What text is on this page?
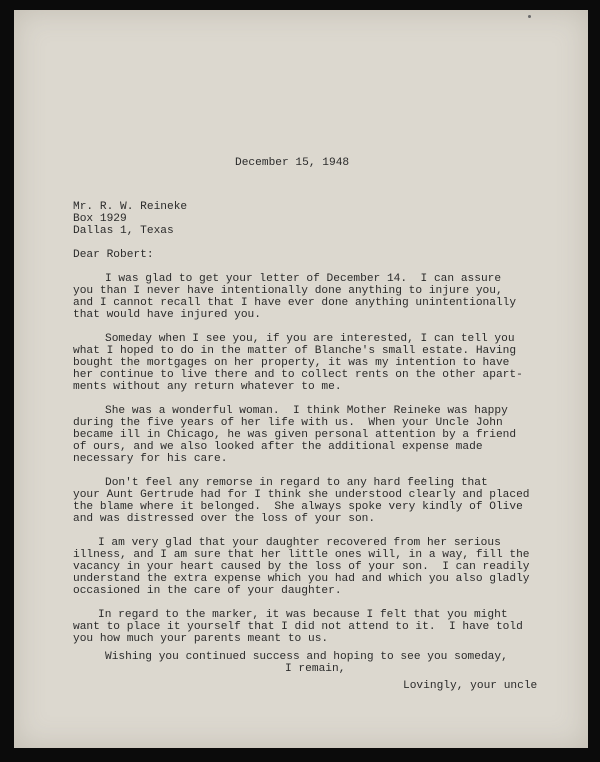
December 15, 1948
Mr. R. W. Reineke
Box 1929
Dallas 1, Texas
Dear Robert:
I was glad to get your letter of December 14.  I can assure
you than I never have intentionally done anything to injure you,
and I cannot recall that I have ever done anything unintentionally
that would have injured you.
Someday when I see you, if you are interested, I can tell you
what I hoped to do in the matter of Blanche's small estate. Having
bought the mortgages on her property, it was my intention to have
her continue to live there and to collect rents on the other apart-
ments without any return whatever to me.
She was a wonderful woman.  I think Mother Reineke was happy
during the five years of her life with us.  When your Uncle John
became ill in Chicago, he was given personal attention by a friend
of ours, and we also looked after the additional expense made
necessary for his care.
Don't feel any remorse in regard to any hard feeling that
your Aunt Gertrude had for I think she understood clearly and placed
the blame where it belonged.  She always spoke very kindly of Olive
and was distressed over the loss of your son.
I am very glad that your daughter recovered from her serious
illness, and I am sure that her little ones will, in a way, fill the
vacancy in your heart caused by the loss of your son.  I can readily
understand the extra expense which you had and which you also gladly
occasioned in the care of your daughter.
In regard to the marker, it was because I felt that you might
want to place it yourself that I did not attend to it.  I have told
you how much your parents meant to us.
Wishing you continued success and hoping to see you someday,
I remain,
Lovingly, your uncle
